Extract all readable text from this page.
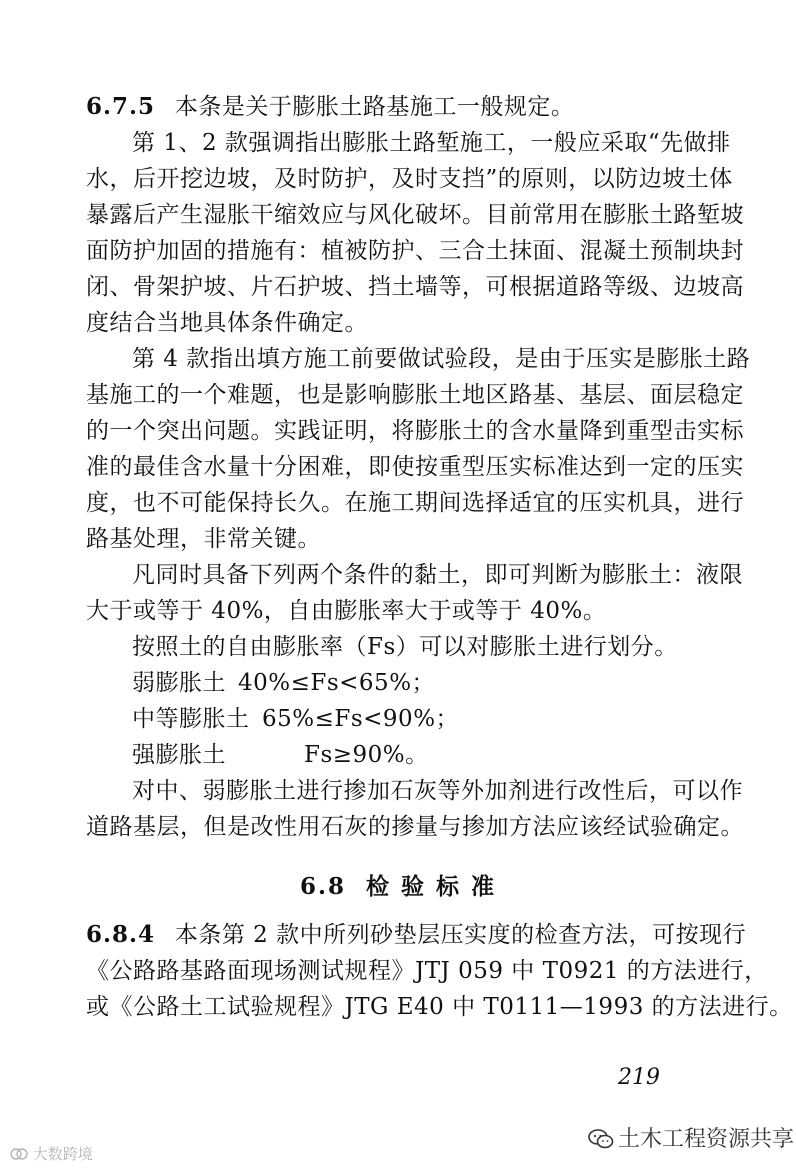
6.7.5 本条是关于膨胀土路基施工一般规定。
第 1、2 款强调指出膨胀土路堑施工，一般应采取“先做排
水，后开挖边坡，及时防护，及时支挡”的原则，以防边坡土体
暴露后产生湿胀干缩效应与风化破坏。目前常用在膨胀土路堑坡
面防护加固的措施有：植被防护、三合土抹面、混凝土预制块封
闭、骨架护坡、片石护坡、挡土墙等，可根据道路等级、边坡高
度结合当地具体条件确定。
第 4 款指出填方施工前要做试验段，是由于压实是膨胀土路
基施工的一个难题，也是影响膨胀土地区路基、基层、面层稳定
的一个突出问题。实践证明，将膨胀土的含水量降到重型击实标
准的最佳含水量十分困难，即使按重型压实标准达到一定的压实
度，也不可能保持长久。在施工期间选择适宜的压实机具，进行
路基处理，非常关键。
凡同时具备下列两个条件的黏土，即可判断为膨胀土：液限
大于或等于 40%，自由膨胀率大于或等于 40%。
按照土的自由膨胀率（Fs）可以对膨胀土进行划分。
弱膨胀土 40%≤Fs<65%；
中等膨胀土 65%≤Fs<90%；
强膨胀土	Fs≥90%。
对中、弱膨胀土进行掺加石灰等外加剂进行改性后，可以作
道路基层，但是改性用石灰的掺量与掺加方法应该经试验确定。
6.8 检 验 标 准
6.8.4 本条第 2 款中所列砂垫层压实度的检查方法，可按现行
《公路路基路面现场测试规程》JTJ 059 中 T0921 的方法进行，
或《公路土工试验规程》JTG E40 中 T0111—1993 的方法进行。
219
土木工程资源共享
大数跨境
